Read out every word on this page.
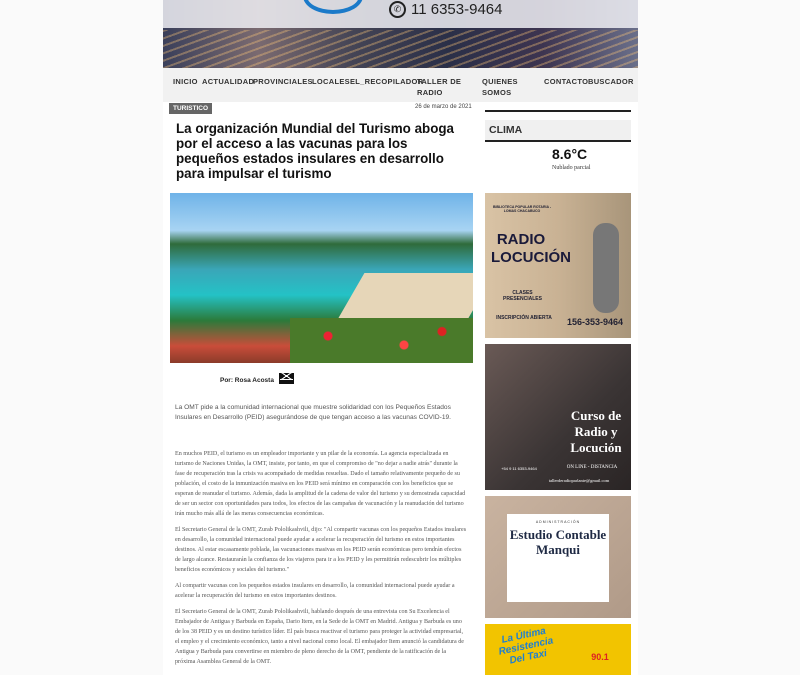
✆ 11 6353-9464
INICIO ACTUALIDAD
PROVINCIALES LOCALES EL_RECOPILADOR
TALLER DE RADIO
QUIENES SOMOS
CONTACTO BUSCADOR
TURISTICO	26 de marzo de 2021
La organización Mundial del Turismo aboga por el acceso a las vacunas para los pequeños estados insulares en desarrollo para impulsar el turismo
Por: Rosa Acosta

La OMT pide a la comunidad internacional que muestre solidaridad con los Pequeños Estados Insulares en Desarrollo (PEID) asegurándose de que tengan acceso a las vacunas COVID-19.

En muchos PEID, el turismo es un empleador importante y un pilar de la economía. La agencia especializada en turismo de Naciones Unidas, la OMT, insiste, por tanto, en que el compromiso de "no dejar a nadie atrás" durante la fase de recuperación tras la crisis va acompañado de medidas resueltas. Dado el tamaño relativamente pequeño de su población, el costo de la inmunización masiva en los PEID será mínimo en comparación con los beneficios que se esperan de reanudar el turismo. Además, dada la amplitud de la cadena de valor del turismo y su demostrada capacidad de ser un sector con oportunidades para todos, los efectos de las campañas de vacunación y la reanudación del turismo irán mucho más allá de las meras consecuencias económicas.

El Secretario General de la OMT, Zurab Pololikashvili, dijo: "Al compartir vacunas con los pequeños Estados insulares en desarrollo, la comunidad internacional puede ayudar a acelerar la recuperación del turismo en estos importantes destinos. Al estar escasamente poblada, las vacunaciones masivas en los PEID serán económicas pero tendrán efectos de largo alcance. Restaurarán la confianza de los viajeros para ir a los PEID y les permitirán redescubrir los múltiples beneficios económicos y sociales del turismo."

Al compartir vacunas con los pequeños estados insulares en desarrollo, la comunidad internacional puede ayudar a acelerar la recuperación del turismo en estos importantes destinos.

El Secretario General de la OMT, Zurab Pololikashvili, hablando después de una entrevista con Su Excelencia el Embajador de Antigua y Barbuda en España, Dario Item, en la Sede de la OMT en Madrid. Antigua y Barbuda es uno de los 38 PEID y es un destino turístico líder. El país busca reactivar el turismo para proteger la actividad empresarial, el empleo y el crecimiento económico, tanto a nivel nacional como local. El embajador Item anunció la candidatura de Antigua y Barbuda para convertirse en miembro de pleno derecho de la OMT, pendiente de la ratificación de la próxima Asamblea General de la OMT.

CLIMA
8.6°C
Nublado parcial
BIBLIOTECA POPULAR ROTARIA - LOMAS CHACABUCO
RADIO LOCUCIÓN
CLASES PRESENCIALES
INSCRIPCIÓN ABIERTA	156-353-9464
Curso de Radio y Locución
+54 9 11 6353-9464	ON LINE - DISTANCIA
tallerderadioparlante@gmail.com
ADMINISTRACIÓN
Estudio Contable Manqui
La Última Resistencia Del Taxi	90.1
